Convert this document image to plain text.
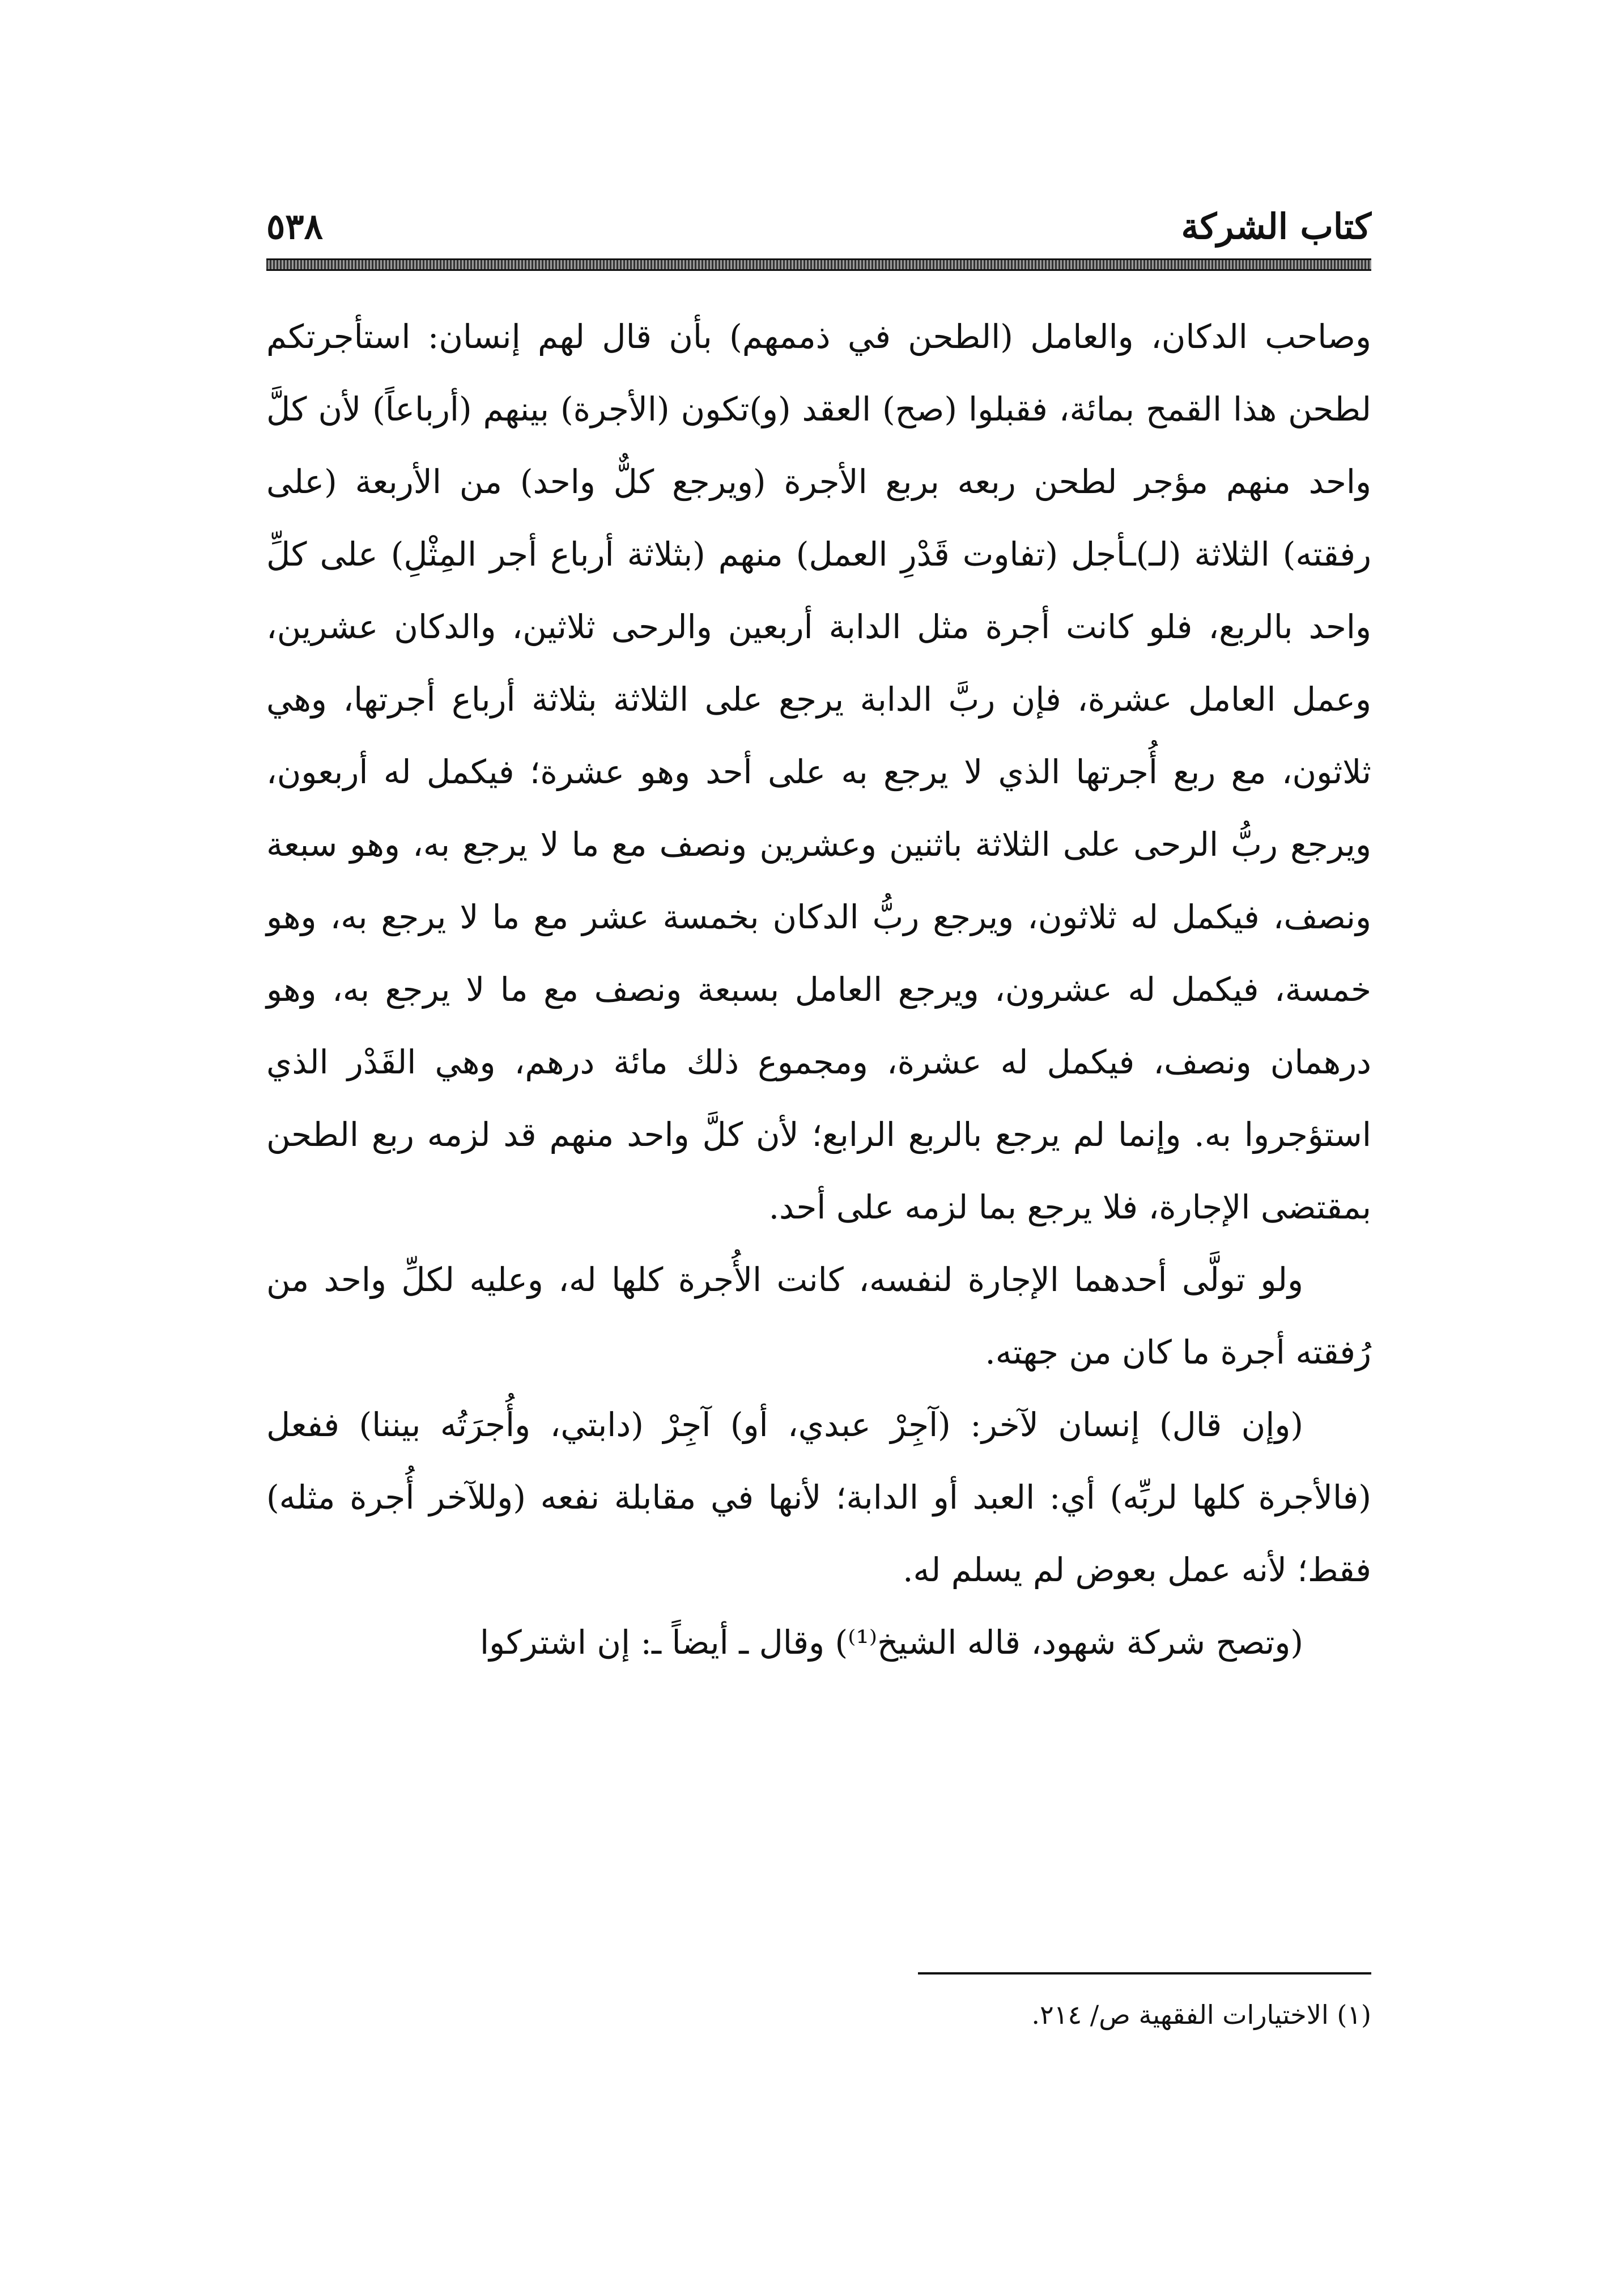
كتاب الشركة
٥٣٨

وصاحب الدكان، والعامل (الطحن في ذممهم) بأن قال لهم إنسان: استأجرتكم لطحن هذا القمح بمائة، فقبلوا (صح) العقد (و)تكون (الأجرة) بينهم (أرباعاً) لأن كلَّ واحد منهم مؤجر لطحن ربعه بربع الأجرة (ويرجع كلٌّ واحد) من الأربعة (على رفقته) الثلاثة (لـ)ـأجل (تفاوت قَدْرِ العمل) منهم (بثلاثة أرباع أجر المِثْلِ) على كلِّ واحد بالربع، فلو كانت أجرة مثل الدابة أربعين والرحى ثلاثين، والدكان عشرين، وعمل العامل عشرة، فإن ربَّ الدابة يرجع على الثلاثة بثلاثة أرباع أجرتها، وهي ثلاثون، مع ربع أُجرتها الذي لا يرجع به على أحد وهو عشرة؛ فيكمل له أربعون، ويرجع ربُّ الرحى على الثلاثة باثنين وعشرين ونصف مع ما لا يرجع به، وهو سبعة ونصف، فيكمل له ثلاثون، ويرجع ربُّ الدكان بخمسة عشر مع ما لا يرجع به، وهو خمسة، فيكمل له عشرون، ويرجع العامل بسبعة ونصف مع ما لا يرجع به، وهو درهمان ونصف، فيكمل له عشرة، ومجموع ذلك مائة درهم، وهي القَدْر الذي استؤجروا به. وإنما لم يرجع بالربع الرابع؛ لأن كلَّ واحد منهم قد لزمه ربع الطحن بمقتضى الإجارة، فلا يرجع بما لزمه على أحد.

ولو تولَّى أحدهما الإجارة لنفسه، كانت الأُجرة كلها له، وعليه لكلِّ واحد من رُفقته أجرة ما كان من جهته.

(وإن قال) إنسان لآخر: (آجِرْ عبدي، أو) آجِرْ (دابتي، وأُجرَتُه بيننا) ففعل (فالأجرة كلها لربِّه) أي: العبد أو الدابة؛ لأنها في مقابلة نفعه (وللآخر أُجرة مثله) فقط؛ لأنه عمل بعوض لم يسلم له.

(وتصح شركة شهود، قاله الشيخ⁽¹⁾) وقال ـ أيضاً ـ: إن اشتركوا

(١) الاختيارات الفقهية ص/ ٢١٤.
